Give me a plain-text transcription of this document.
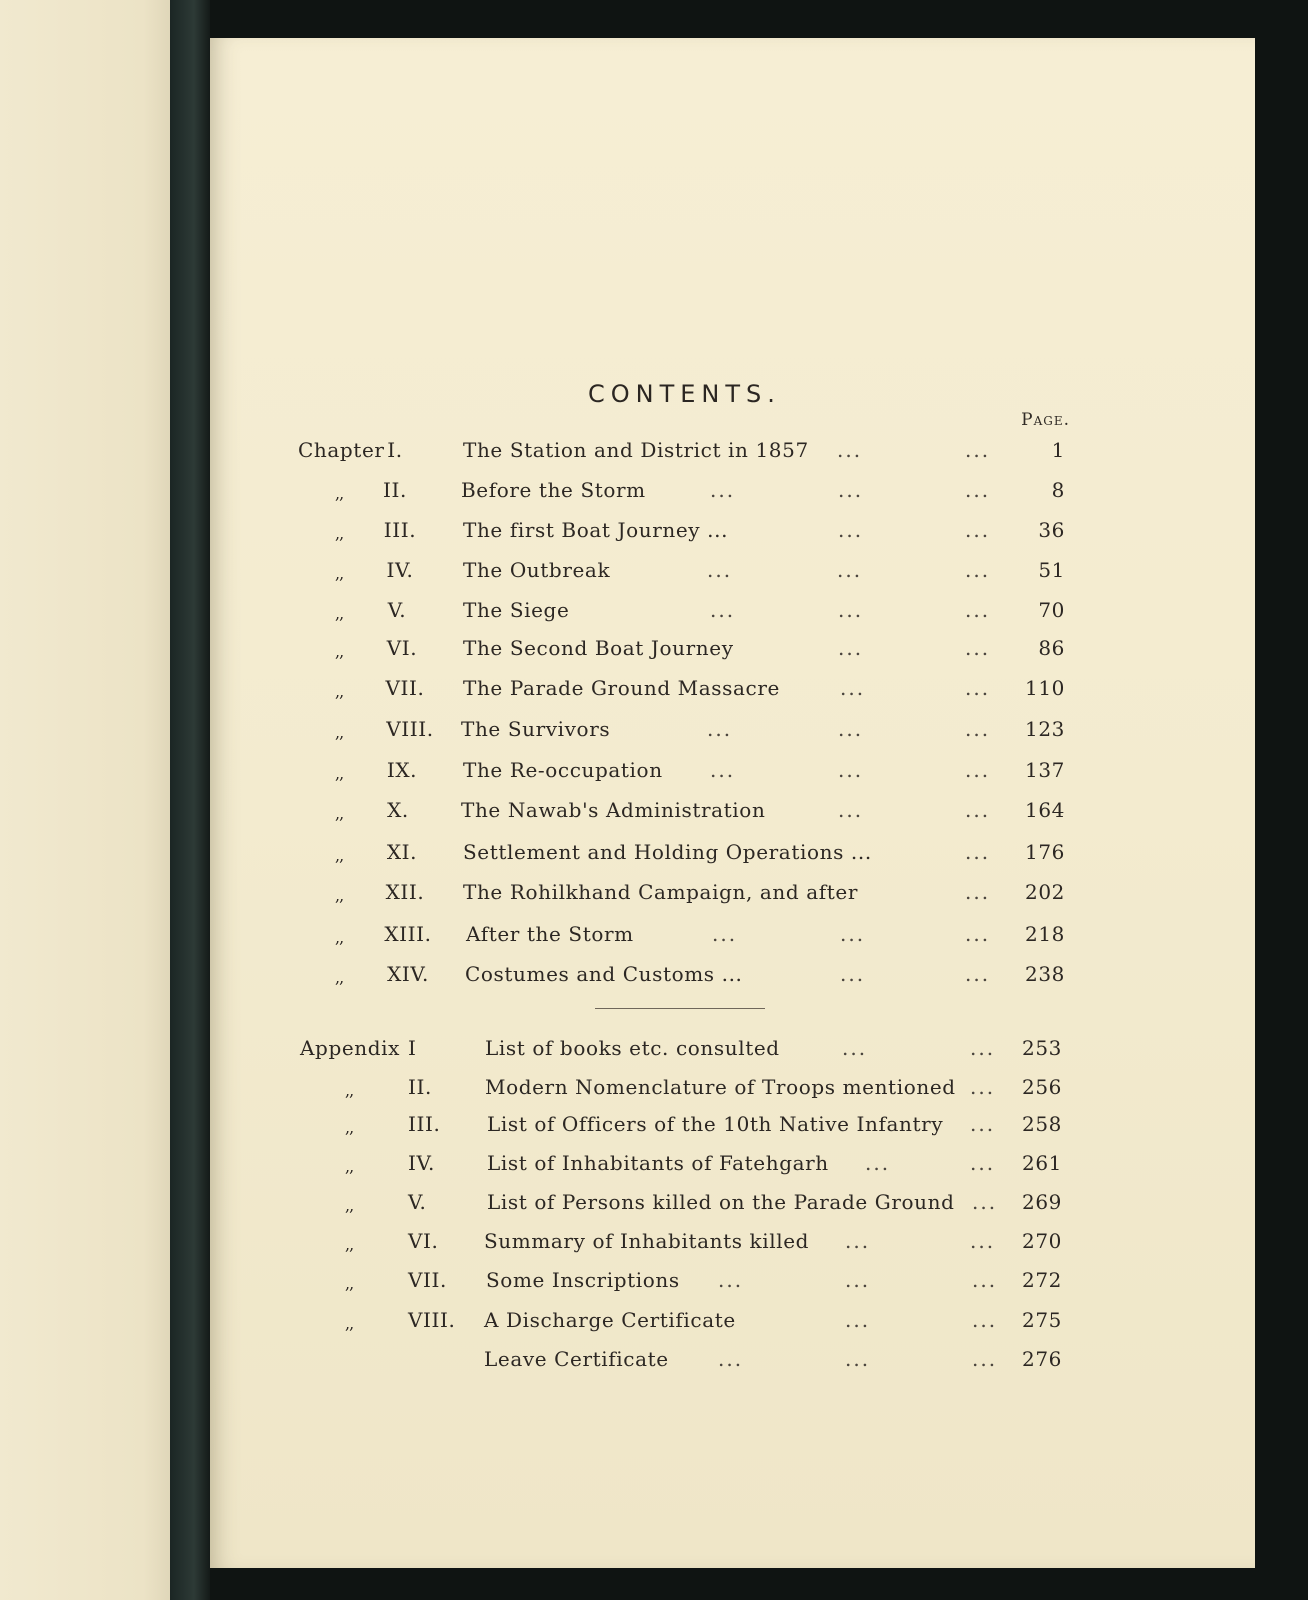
CONTENTS.
Page.
Chapter I.	The Station and District in 1857 ...	...	1
,,	II.	Before the Storm	...	...	...	8
,,	III.	The first Boat Journey ...	...	...	36
,,	IV.	The Outbreak	...	...	...	51
,,	V.	The Siege	...	...	...	70
,,	VI.	The Second Boat Journey	...	...	86
,,	VII.	The Parade Ground Massacre	...	...	110
,,	VIII.	The Survivors	...	...	...	123
,,	IX.	The Re-occupation ...	...	...	137
,,	X.	The Nawab's Administration	...	...	164
,,	XI.	Settlement and Holding Operations ...	...	176
,,	XII.	The Rohilkhand Campaign, and after	...	202
,,	XIII.	After the Storm	...	...	...	218
,,	XIV.	Costumes and Customs ...	...	...	238
Appendix I	List of books etc. consulted	...	...	253
,,	II.	Modern Nomenclature of Troops mentioned ...	256
,,	III. List of Officers of the 10th Native Infantry ...	258
,,	IV.	List of Inhabitants of Fatehgarh ...	...	261
,,	V.	List of Persons killed on the Parade Ground ...	269
,,	VI. Summary of Inhabitants killed ...	...	270
,,	VII. Some Inscriptions ...	...	...	272
,,	VIII. A Discharge Certificate	...	...	275
Leave Certificate ...	...	...	276
